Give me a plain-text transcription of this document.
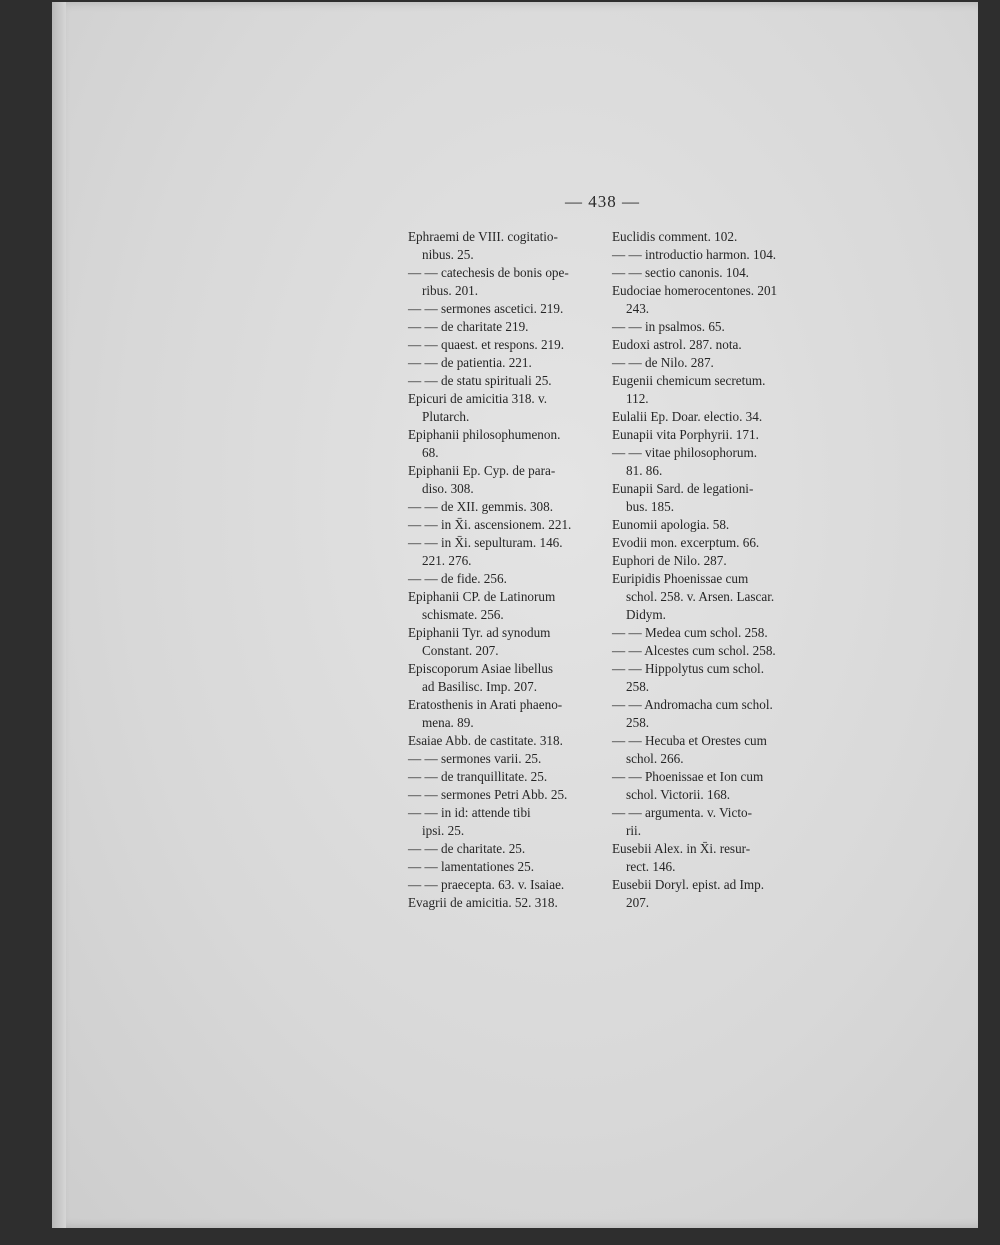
— 438 —
Ephraemi de VIII. cogitatio-
nibus. 25.
— — catechesis de bonis ope-
ribus. 201.
— — sermones ascetici. 219.
— — de charitate 219.
— — quaest. et respons. 219.
— — de patientia. 221.
— — de statu spirituali 25.
Epicuri de amicitia 318. v.
Plutarch.
Epiphanii philosophumenon.
68.
Epiphanii Ep. Cyp. de para-
diso. 308.
— — de XII. gemmis. 308.
— — in X̄i. ascensionem. 221.
— — in X̄i. sepulturam. 146.
221. 276.
— — de fide. 256.
Epiphanii CP. de Latinorum
schismate. 256.
Epiphanii Tyr. ad synodum
Constant. 207.
Episcoporum Asiae libellus
ad Basilisc. Imp. 207.
Eratosthenis in Arati phaeno-
mena. 89.
Esaiae Abb. de castitate. 318.
— — sermones varii. 25.
— — de tranquillitate. 25.
— — sermones Petri Abb. 25.
— — in id: attende tibi
ipsi. 25.
— — de charitate. 25.
— — lamentationes 25.
— — praecepta. 63. v. Isaiae.
Evagrii de amicitia. 52. 318.
Euclidis comment. 102.
— — introductio harmon. 104.
— — sectio canonis. 104.
Eudociae homerocentones. 201
243.
— — in psalmos. 65.
Eudoxi astrol. 287. nota.
— — de Nilo. 287.
Eugenii chemicum secretum.
112.
Eulalii Ep. Doar. electio. 34.
Eunapii vita Porphyrii. 171.
— — vitae philosophorum.
81. 86.
Eunapii Sard. de legationi-
bus. 185.
Eunomii apologia. 58.
Evodii mon. excerptum. 66.
Euphori de Nilo. 287.
Euripidis Phoenissae cum
schol. 258. v. Arsen. Lascar.
Didym.
— — Medea cum schol. 258.
— — Alcestes cum schol. 258.
— — Hippolytus cum schol.
258.
— — Andromacha cum schol.
258.
— — Hecuba et Orestes cum
schol. 266.
— — Phoenissae et Ion cum
schol. Victorii. 168.
— — argumenta. v. Victo-
rii.
Eusebii Alex. in X̄i. resur-
rect. 146.
Eusebii Doryl. epist. ad Imp.
207.
